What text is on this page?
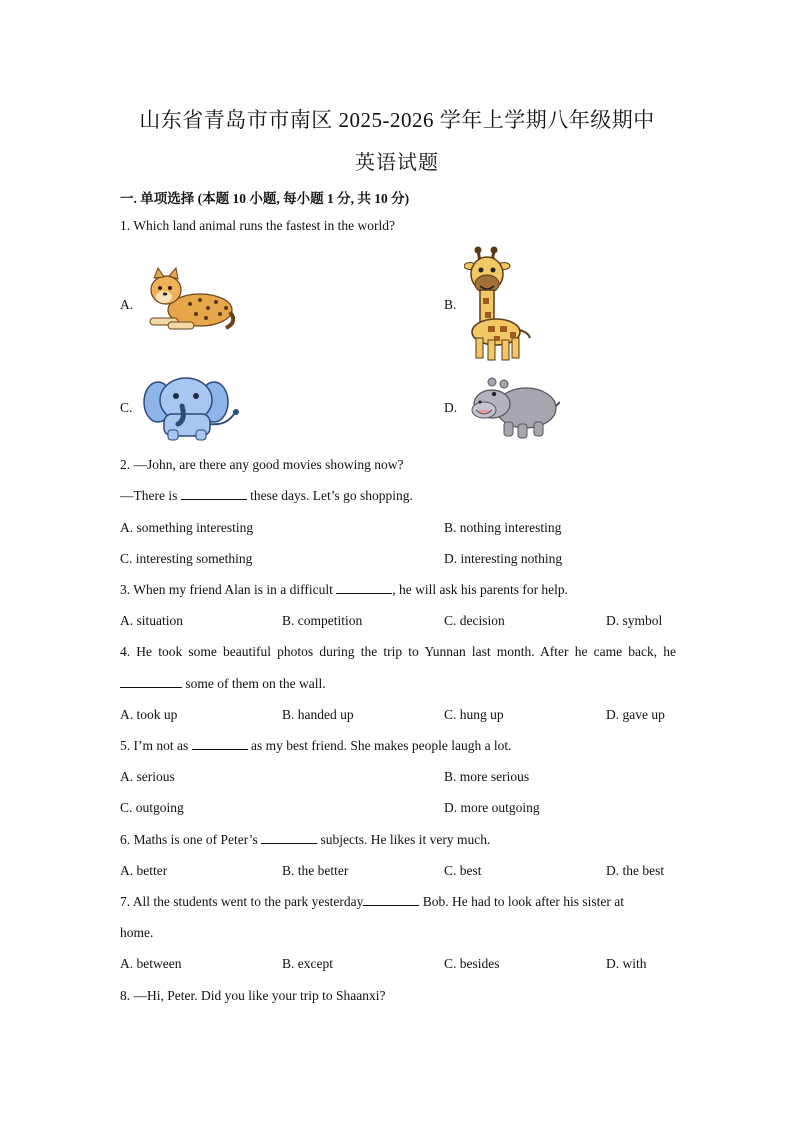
山东省青岛市市南区 2025-2026 学年上学期八年级期中
英语试题
一. 单项选择 (本题 10 小题, 每小题 1 分, 共 10 分)
1. Which land animal runs the fastest in the world?
A.	B.
C.	D.
2. —John, are there any good movies showing now?
—There is	these days. Let’s go shopping.
A. something interesting	B. nothing interesting
C. interesting something	D. interesting nothing
3. When my friend Alan is in a difficult	, he will ask his parents for help.
A. situation	B. competition	C. decision	D. symbol
4. He took some beautiful photos during the trip to Yunnan last month. After he came back, he
some of them on the wall.
A. took up	B. handed up	C. hung up	D. gave up
5. I’m not as	as my best friend. She makes people laugh a lot.
A. serious	B. more serious
C. outgoing	D. more outgoing
6. Maths is one of Peter’s	subjects. He likes it very much.
A. better	B. the better	C. best	D. the best
7. All the students went to the park yesterday	Bob. He had to look after his sister at
home.
A. between	B. except	C. besides	D. with
8. —Hi, Peter. Did you like your trip to Shaanxi?
